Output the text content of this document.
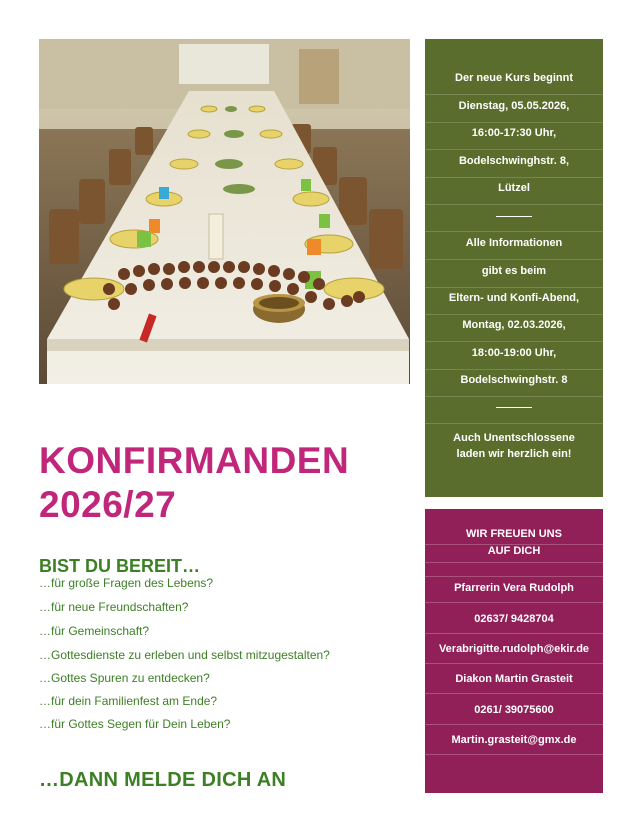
Der neue Kurs beginnt
Dienstag, 05.05.2026,
16:00-17:30 Uhr,
Bodelschwinghstr. 8,
Lützel
Alle Informationen
gibt es beim
Eltern- und Konfi-Abend,
Montag, 02.03.2026,
18:00-19:00 Uhr,
Bodelschwinghstr. 8
Auch Unentschlossene
laden wir herzlich ein!
WIR FREUEN UNS
AUF DICH
Pfarrerin Vera Rudolph
02637/ 9428704
Verabrigitte.rudolph@ekir.de
Diakon Martin Grasteit
0261/ 39075600
Martin.grasteit@gmx.de
KONFIRMANDEN
2026/27
BIST DU BEREIT…
…für große Fragen des Lebens?
…für neue Freundschaften?
…für Gemeinschaft?
…Gottesdienste zu erleben und selbst mitzugestalten?
…Gottes Spuren zu entdecken?
…für dein Familienfest am Ende?
…für Gottes Segen für Dein Leben?
…DANN MELDE DICH AN
